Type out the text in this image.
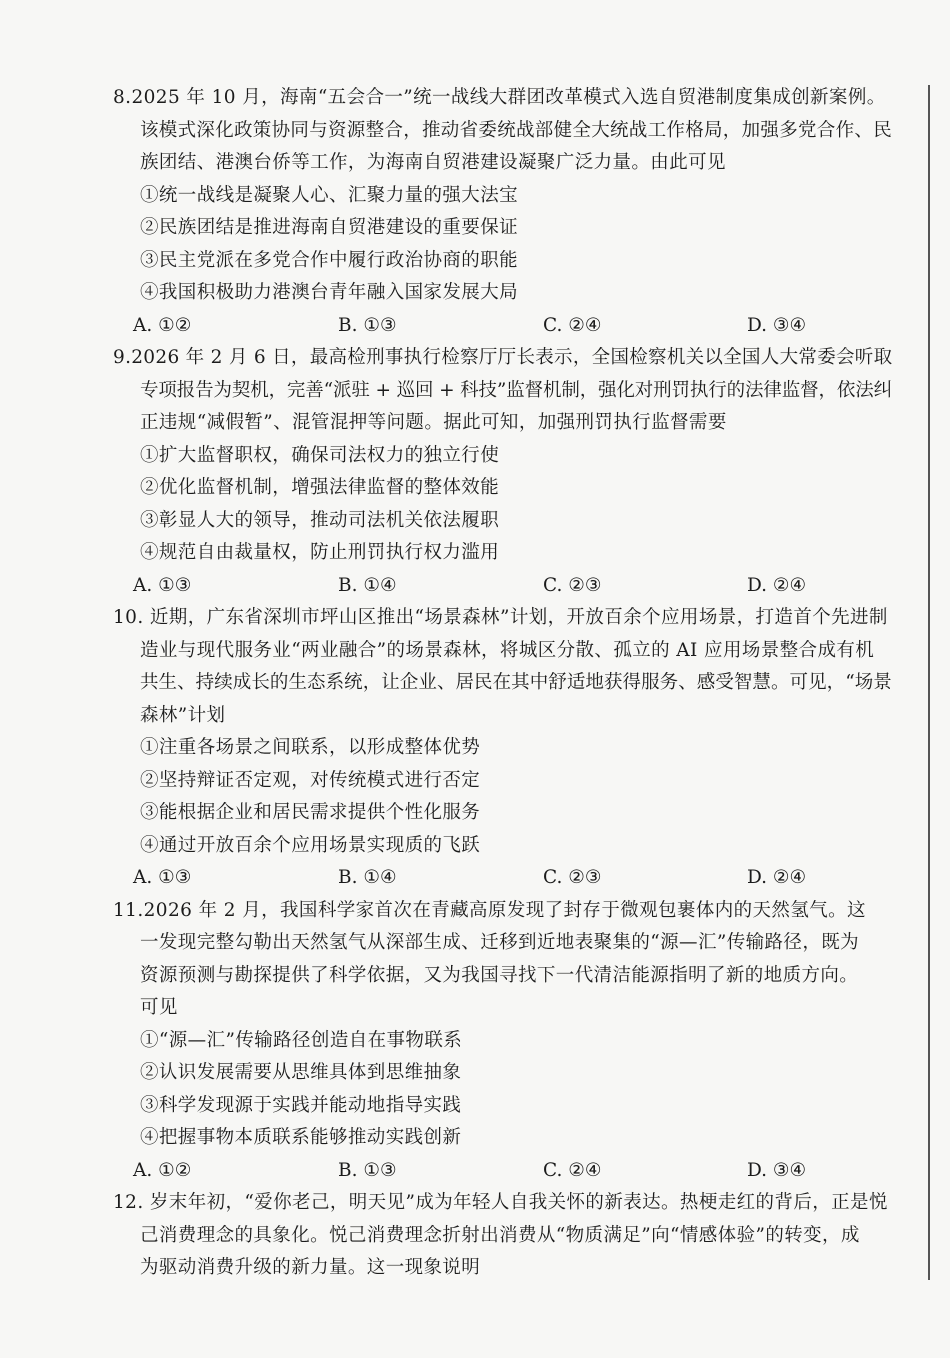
8.2025 年 10 月，海南“五会合一”统一战线大群团改革模式入选自贸港制度集成创新案例。
该模式深化政策协同与资源整合，推动省委统战部健全大统战工作格局，加强多党合作、民
族团结、港澳台侨等工作，为海南自贸港建设凝聚广泛力量。由此可见
①统一战线是凝聚人心、汇聚力量的强大法宝
②民族团结是推进海南自贸港建设的重要保证
③民主党派在多党合作中履行政治协商的职能
④我国积极助力港澳台青年融入国家发展大局
A. ①②	B. ①③	C. ②④	D. ③④
9.2026 年 2 月 6 日，最高检刑事执行检察厅厅长表示，全国检察机关以全国人大常委会听取
专项报告为契机，完善“派驻 + 巡回 + 科技”监督机制，强化对刑罚执行的法律监督，依法纠
正违规“减假暂”、混管混押等问题。据此可知，加强刑罚执行监督需要
①扩大监督职权，确保司法权力的独立行使
②优化监督机制，增强法律监督的整体效能
③彰显人大的领导，推动司法机关依法履职
④规范自由裁量权，防止刑罚执行权力滥用
A. ①③	B. ①④	C. ②③	D. ②④
10. 近期，广东省深圳市坪山区推出“场景森林”计划，开放百余个应用场景，打造首个先进制
造业与现代服务业“两业融合”的场景森林，将城区分散、孤立的 AI 应用场景整合成有机
共生、持续成长的生态系统，让企业、居民在其中舒适地获得服务、感受智慧。可见，“场景
森林”计划
①注重各场景之间联系，以形成整体优势
②坚持辩证否定观，对传统模式进行否定
③能根据企业和居民需求提供个性化服务
④通过开放百余个应用场景实现质的飞跃
A. ①③	B. ①④	C. ②③	D. ②④
11.2026 年 2 月，我国科学家首次在青藏高原发现了封存于微观包裹体内的天然氢气。这
一发现完整勾勒出天然氢气从深部生成、迁移到近地表聚集的“源—汇”传输路径，既为
资源预测与勘探提供了科学依据，又为我国寻找下一代清洁能源指明了新的地质方向。
可见
①“源—汇”传输路径创造自在事物联系
②认识发展需要从思维具体到思维抽象
③科学发现源于实践并能动地指导实践
④把握事物本质联系能够推动实践创新
A. ①②	B. ①③	C. ②④	D. ③④
12. 岁末年初，“爱你老己，明天见”成为年轻人自我关怀的新表达。热梗走红的背后，正是悦
己消费理念的具象化。悦己消费理念折射出消费从“物质满足”向“情感体验”的转变，成
为驱动消费升级的新力量。这一现象说明
